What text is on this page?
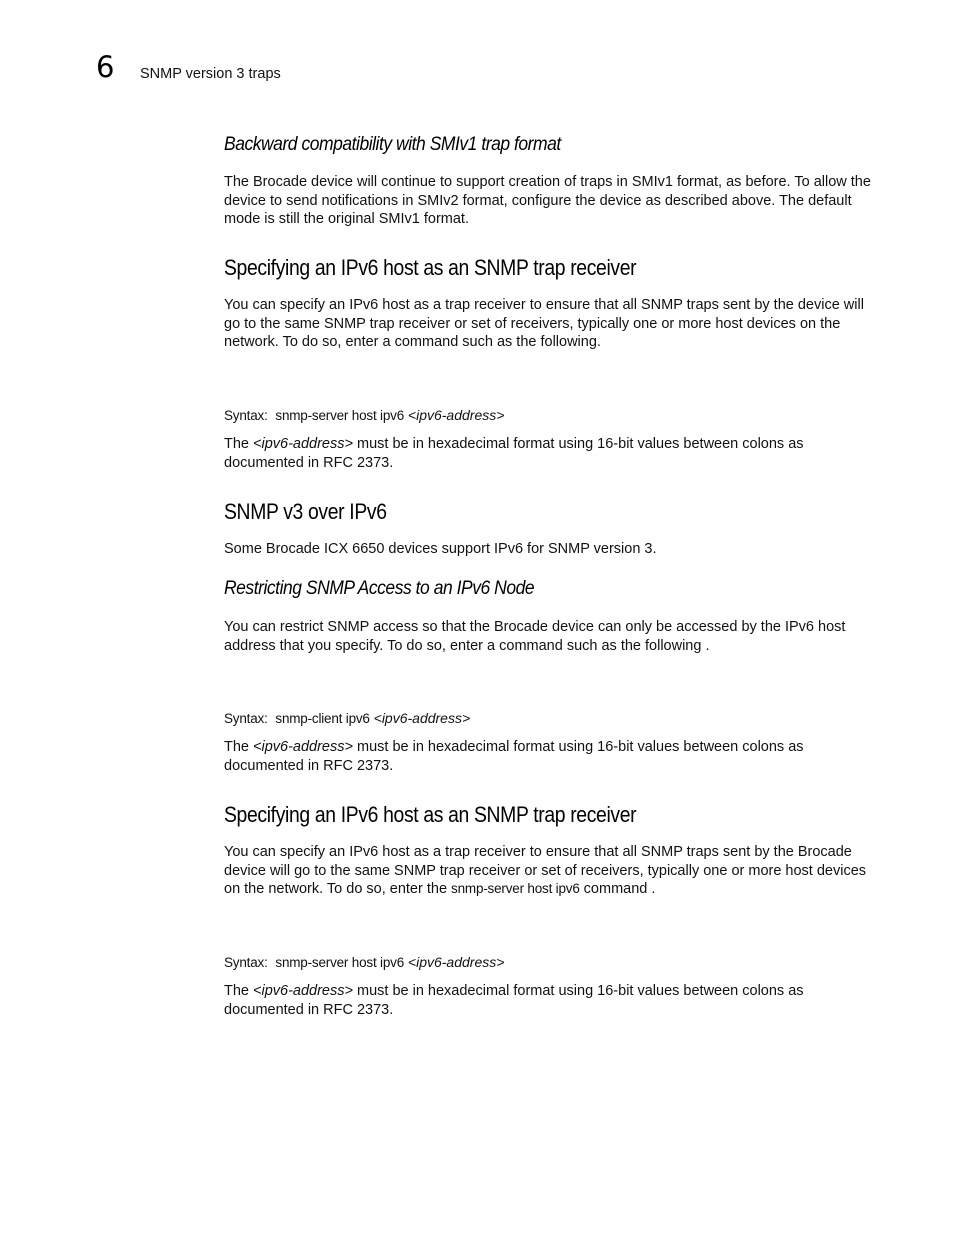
6 SNMP version 3 traps
Backward compatibility with SMIv1 trap format
The Brocade device will continue to support creation of traps in SMIv1 format, as before. To allow the device to send notifications in SMIv2 format, configure the device as described above. The default mode is still the original SMIv1 format.
Specifying an IPv6 host as an SNMP trap receiver
You can specify an IPv6 host as a trap receiver to ensure that all SNMP traps sent by the device will go to the same SNMP trap receiver or set of receivers, typically one or more host devices on the network. To do so, enter a command such as the following.
Syntax: snmp-server host ipv6 <ipv6-address>
The <ipv6-address> must be in hexadecimal format using 16-bit values between colons as documented in RFC 2373.
SNMP v3 over IPv6
Some Brocade ICX 6650 devices support IPv6 for SNMP version 3.
Restricting SNMP Access to an IPv6 Node
You can restrict SNMP access so that the Brocade device can only be accessed by the IPv6 host address that you specify. To do so, enter a command such as the following .
Syntax: snmp-client ipv6 <ipv6-address>
The <ipv6-address> must be in hexadecimal format using 16-bit values between colons as documented in RFC 2373.
Specifying an IPv6 host as an SNMP trap receiver
You can specify an IPv6 host as a trap receiver to ensure that all SNMP traps sent by the Brocade device will go to the same SNMP trap receiver or set of receivers, typically one or more host devices on the network. To do so, enter the snmp-server host ipv6 command .
Syntax: snmp-server host ipv6 <ipv6-address>
The <ipv6-address> must be in hexadecimal format using 16-bit values between colons as documented in RFC 2373.
